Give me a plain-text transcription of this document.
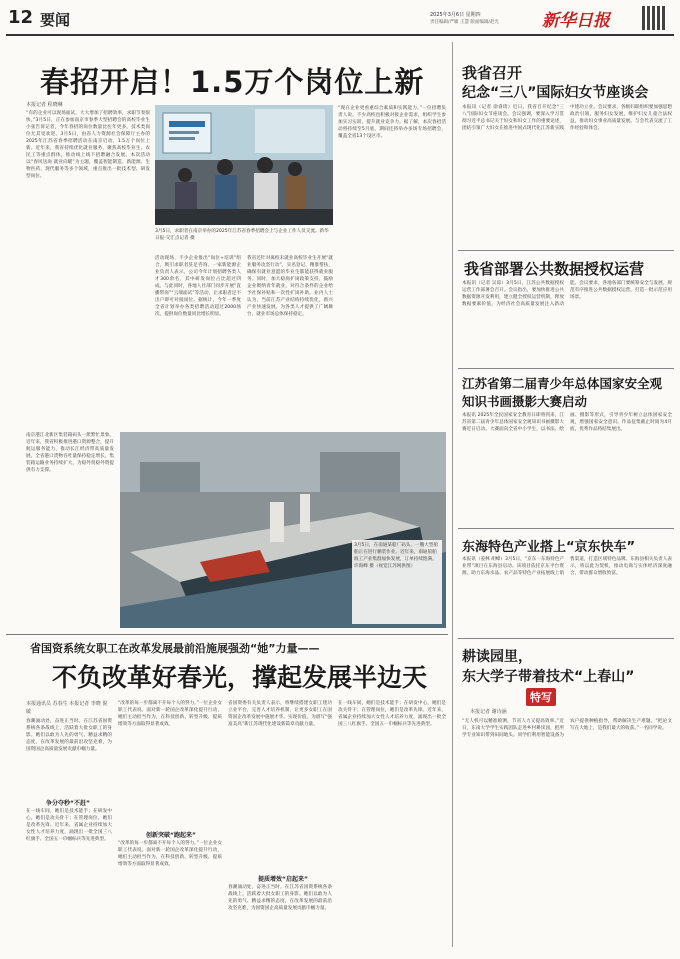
12 要闻	2025年3月6日 星期四
责任编辑/严啸 王慧 版面编辑/赵光	新华日报
春招开启！1.5万个岗位上新
本报记者 程晓琳
“有的企业可以现场面试，大大增加了招聘效率，求职节奏很快。”3月5日，正在参加南京市春季大型招聘会的高校毕业生小张告诉记者，今年春招的岗位数量比往年更多，技术类岗位尤其受欢迎。3月5日，由省人力资源社会保障厅主办的2025年江苏省春季招聘活动在南京启动，1.5万个岗位上新。近年来，我省持续优化就业服务，聚焦高校毕业生、农民工等重点群体，推动线上线下招聘融合发展。本次活动以“春风送岗 就业向暖”为主题，覆盖智能制造、新能源、生物医药、现代服务等多个领域，重点推出一批技术型、研发型岗位。
3月5日，求职者在南京举办的2025年江苏省春季招聘会上与企业工作人员交流。新华日报·交汇点记者 摄
活动现场，不少企业推出“岗位+培训”组合，吸引求职者驻足咨询。一家新能源企业负责人表示，公司今年计划招聘各类人才300余名，其中研发岗位占比超过四成。与此同时，各地人社部门同步开展“直播带岗”“云端面试”等活动，让求职者足不出户即可对接岗位。据统计，今年一季度全省计划举办各类招聘活动超过2000场次，提供岗位数量同比增长明显。
我省还针对离校未就业高校毕业生开展“就业服务攻坚行动”，实名登记、精准帮扶，确保有就业意愿的毕业生都能获得就业服务。同时，加大稳岗扩岗政策支持，鼓励企业吸纳青年就业，对符合条件的企业给予社保补贴和一次性扩岗补助。业内人士认为，当前江苏产业结构持续优化，新兴产业快速发展，为各类人才提供了广阔舞台，就业市场总体保持稳定。
“现在企业更看重综合素质和实践能力。”一位招聘负责人说。不少高校也积极对接企业需求，组织学生参加实习实训，提升就业竞争力。据了解，本次春招活动将持续至5月底，期间还将举办多场专场招聘会，覆盖全省13个设区市。
南京港江北新区集装箱码头一派繁忙景象。近年来，我省积极推进港口资源整合，提升航运服务能力，推动长江经济带高质量发展。全省港口货物吞吐量保持稳定增长，集装箱运输业务持续扩大，为稳外贸稳外资提供有力支撑。
3月5日，在南通某船厂码头，一艘大型船舶正在进行舾装作业。近年来，南通船舶海工产业集群加快发展，订单持续饱满。许海峰 摄（视觉江苏网供图）
省国资系统女职工在改革发展最前沿施展强劲“她”力量——
不负改革好春光，撑起发展半边天
本报通讯员 苏春生 本报记者 李晓 倪敏
春潮涌动处，奋进正当时。在江苏省国资系统各条战线上，活跃着大批女职工的身影。她们以敢为人先的勇气、精益求精的态度，在改革发展的最前沿攻坚克难，为国资国企高质量发展贡献巾帼力量。
争分夺秒“不赶”
在一线车间，她们是技术能手；在研发中心，她们是攻关骨干；在管理岗位，她们是改革先锋。近年来，省属企业持续加大女性人才培养力度，涌现出一批全国三八红旗手、全国五一巾帼标兵等先进典型。
“改革的每一步都离不开每个人的努力。”一位企业女职工代表说。面对新一轮国企改革深化提升行动，她们主动担当作为，在科技创新、转型升级、提质增效等方面取得显著成效。
创新突破“跑起来”
“改革的每一步都离不开每个人的努力。”一位企业女职工代表说。面对新一轮国企改革深化提升行动，她们主动担当作为，在科技创新、转型升级、提质增效等方面取得显著成效。
省国资委有关负责人表示，将继续搭建女职工建功立业平台，完善人才培养机制，让更多女职工在国资国企改革发展中施展才华、实现价值，为谱写“强富美高”新江苏现代化建设新篇章贡献力量。
提质增效“启起来”
春潮涌动处，奋进正当时。在江苏省国资系统各条战线上，活跃着大批女职工的身影。她们以敢为人先的勇气、精益求精的态度，在改革发展的最前沿攻坚克难，为国资国企高质量发展贡献巾帼力量。
在一线车间，她们是技术能手；在研发中心，她们是攻关骨干；在管理岗位，她们是改革先锋。近年来，省属企业持续加大女性人才培养力度，涌现出一批全国三八红旗手、全国五一巾帼标兵等先进典型。
我省召开
纪念“三八”国际妇女节座谈会
本报讯（记者 徐睿琦）近日，我省召开纪念“三八”国际妇女节座谈会。会议强调，要深入学习贯彻习近平总书记关于妇女和妇女工作的重要论述，团结引领广大妇女在推进中国式现代化江苏新实践中建功立业。会议要求，各级妇联组织要加强思想政治引领，服务妇女发展，维护妇女儿童合法权益，推动妇女事业高质量发展。与会代表交流了工作经验和体会。
我省部署公共数据授权运营
本报讯（记者 吴琼）3月5日，江苏公共数据授权运营工作部署会召开。会议指出，要加快推进公共数据资源开发利用，建立健全授权运营机制，释放数据要素价值，为经济社会高质量发展注入新动能。会议要求，各地各部门要统筹安全与发展，规范有序推进公共数据授权运营，打造一批示范应用场景。
江苏省第二届青少年总体国家安全观
知识书画摄影大赛启动
本报讯 2025年全民国家安全教育日即将到来，江苏省第二届青少年总体国家安全观知识书画摄影大赛近日启动。大赛面向全省中小学生，以书法、绘画、摄影等形式，引导青少年树立总体国家安全观，增强国家安全意识。作品征集截止时间为4月底，优秀作品将结集展出。
东海特色产业搭上“京东快车”
本报讯（姜林 胡峰）3月5日，“京东一东海特色产业带”项目在东海县启动。该项目依托京东平台资源，助力东海水晶、农产品等特色产业拓展线上销售渠道，打造区域特色品牌。东海县相关负责人表示，将以此为契机，推动电商与实体经济深度融合，带动群众增收致富。
耕读园里，
东大学子带着技术“上春山”
特写
本报记者 谢诗涵
“无人机可以精准喷洒，节省人力又提高效率。”近日，东南大学学生实践团队走进乡村耕读园，把所学专业知识带到田间地头。同学们利用智能设备为农户提供种植指导，帮助解决生产难题。“把论文写在大地上，是我们最大的收获。”一名同学说。
